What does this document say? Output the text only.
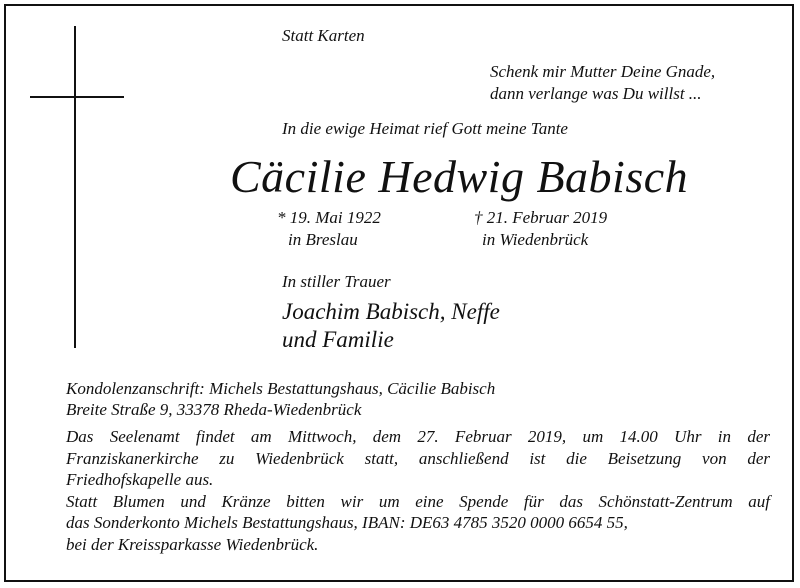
Statt Karten
Schenk mir Mutter Deine Gnade,
dann verlange was Du willst ...
In die ewige Heimat rief Gott meine Tante
Cäcilie Hedwig Babisch
* 19. Mai 1922
in Breslau
† 21. Februar 2019
in Wiedenbrück
In stiller Trauer
Joachim Babisch, Neffe
und Familie
Kondolenzanschrift: Michels Bestattungshaus, Cäcilie Babisch
Breite Straße 9, 33378 Rheda-Wiedenbrück

Das Seelenamt findet am Mittwoch, dem 27. Februar 2019, um 14.00 Uhr in der

Franziskanerkirche zu Wiedenbrück statt, anschließend ist die Beisetzung von der

Friedhofskapelle aus.

Statt Blumen und Kränze bitten wir um eine Spende für das Schönstatt-Zentrum auf

das Sonderkonto Michels Bestattungshaus, IBAN: DE63 4785 3520 0000 6654 55,

bei der Kreissparkasse Wiedenbrück.
